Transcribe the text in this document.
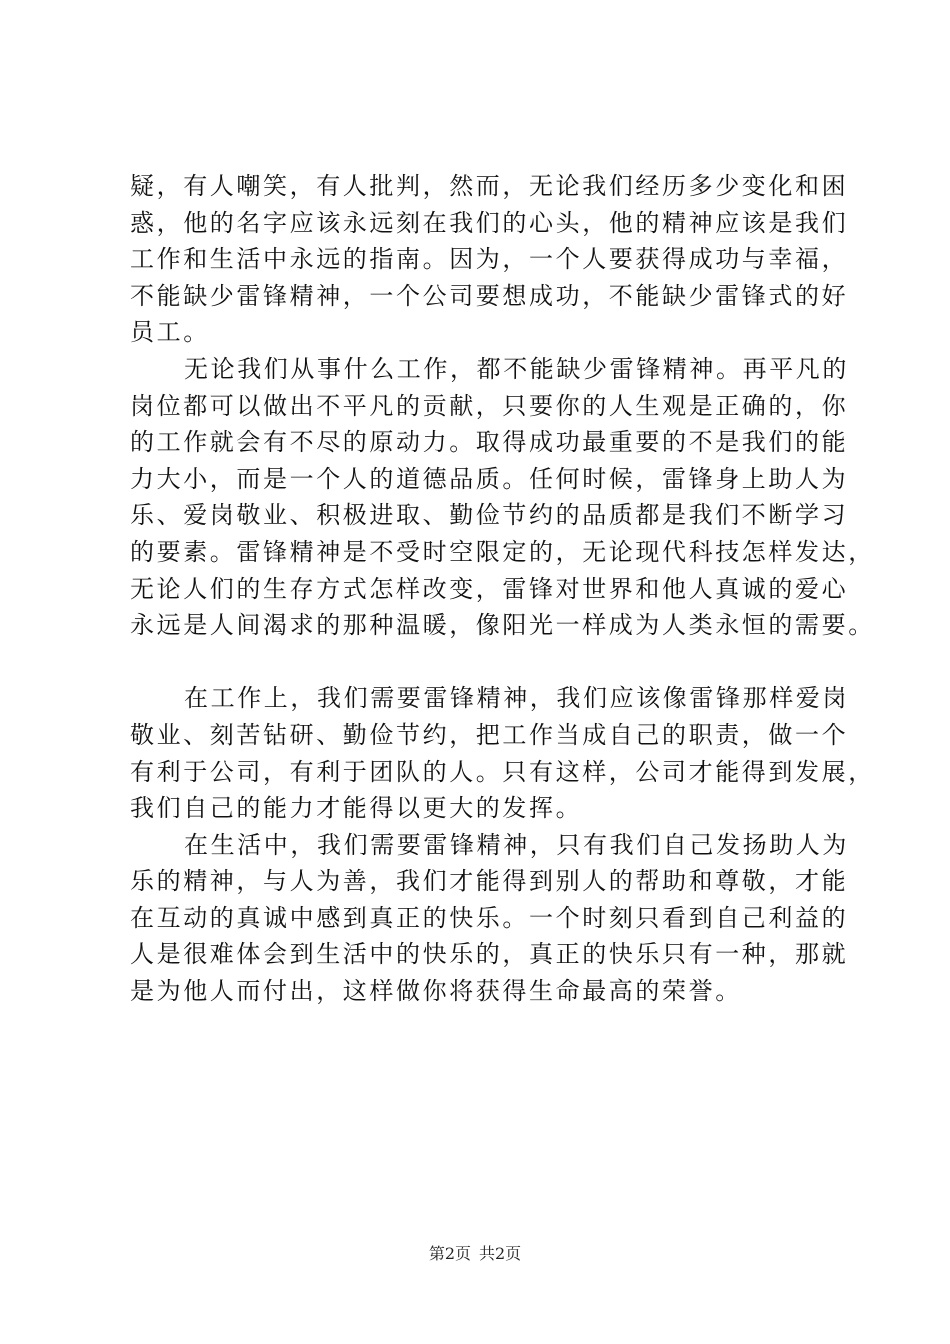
疑，有人嘲笑，有人批判，然而，无论我们经历多少变化和困
惑，他的名字应该永远刻在我们的心头，他的精神应该是我们
工作和生活中永远的指南。因为，一个人要获得成功与幸福，
不能缺少雷锋精神，一个公司要想成功，不能缺少雷锋式的好
员工。
无论我们从事什么工作，都不能缺少雷锋精神。再平凡的
岗位都可以做出不平凡的贡献，只要你的人生观是正确的，你
的工作就会有不尽的原动力。取得成功最重要的不是我们的能
力大小，而是一个人的道德品质。任何时候，雷锋身上助人为
乐、爱岗敬业、积极进取、勤俭节约的品质都是我们不断学习
的要素。雷锋精神是不受时空限定的，无论现代科技怎样发达，
无论人们的生存方式怎样改变，雷锋对世界和他人真诚的爱心
永远是人间渴求的那种温暖，像阳光一样成为人类永恒的需要。
在工作上，我们需要雷锋精神，我们应该像雷锋那样爱岗
敬业、刻苦钻研、勤俭节约，把工作当成自己的职责，做一个
有利于公司，有利于团队的人。只有这样，公司才能得到发展，
我们自己的能力才能得以更大的发挥。
在生活中，我们需要雷锋精神，只有我们自己发扬助人为
乐的精神，与人为善，我们才能得到别人的帮助和尊敬，才能
在互动的真诚中感到真正的快乐。一个时刻只看到自己利益的
人是很难体会到生活中的快乐的，真正的快乐只有一种，那就
是为他人而付出，这样做你将获得生命最高的荣誉。
第2页 共2页
